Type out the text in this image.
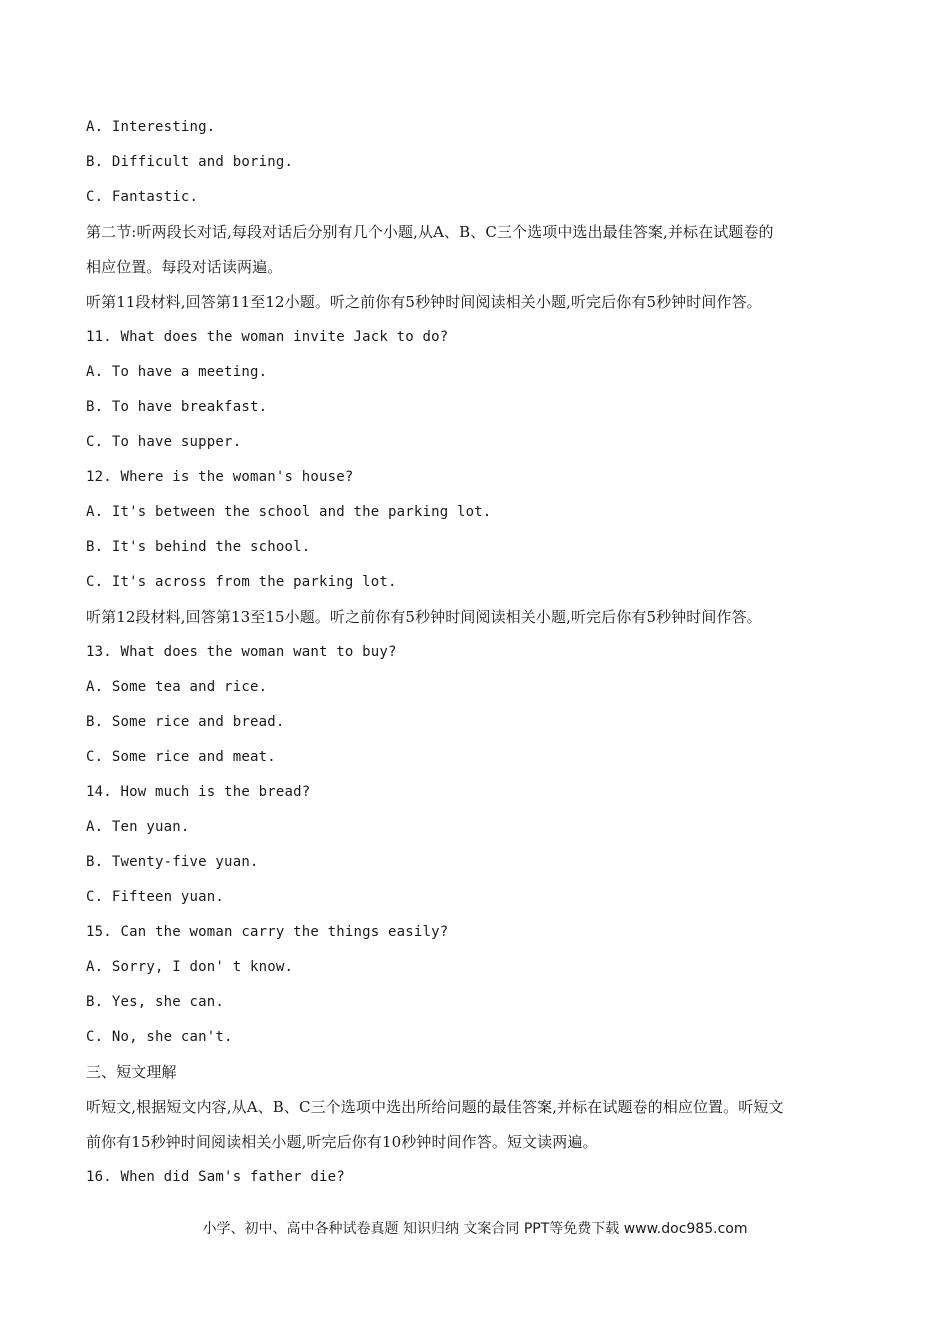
A. Interesting.
B. Difficult and boring.
C. Fantastic.
第二节:听两段长对话,每段对话后分别有几个小题,从A、B、C三个选项中选出最佳答案,并标在试题卷的
相应位置。每段对话读两遍。
听第11段材料,回答第11至12小题。听之前你有5秒钟时间阅读相关小题,听完后你有5秒钟时间作答。
11. What does the woman invite Jack to do?
A. To have a meeting.
B. To have breakfast.
C. To have supper.
12. Where is the woman's house?
A. It's between the school and the parking lot.
B. It's behind the school.
C. It's across from the parking lot.
听第12段材料,回答第13至15小题。听之前你有5秒钟时间阅读相关小题,听完后你有5秒钟时间作答。
13. What does the woman want to buy?
A. Some tea and rice.
B. Some rice and bread.
C. Some rice and meat.
14. How much is the bread?
A. Ten yuan.
B. Twenty-five yuan.
C. Fifteen yuan.
15. Can the woman carry the things easily?
A. Sorry, I don' t know.
B. Yes, she can.
C. No, she can't.
三、短文理解
听短文,根据短文内容,从A、B、C三个选项中选出所给问题的最佳答案,并标在试题卷的相应位置。听短文
前你有15秒钟时间阅读相关小题,听完后你有10秒钟时间作答。短文读两遍。
16. When did Sam's father die?
小学、初中、高中各种试卷真题 知识归纳 文案合同 PPT等免费下载 www.doc985.com
